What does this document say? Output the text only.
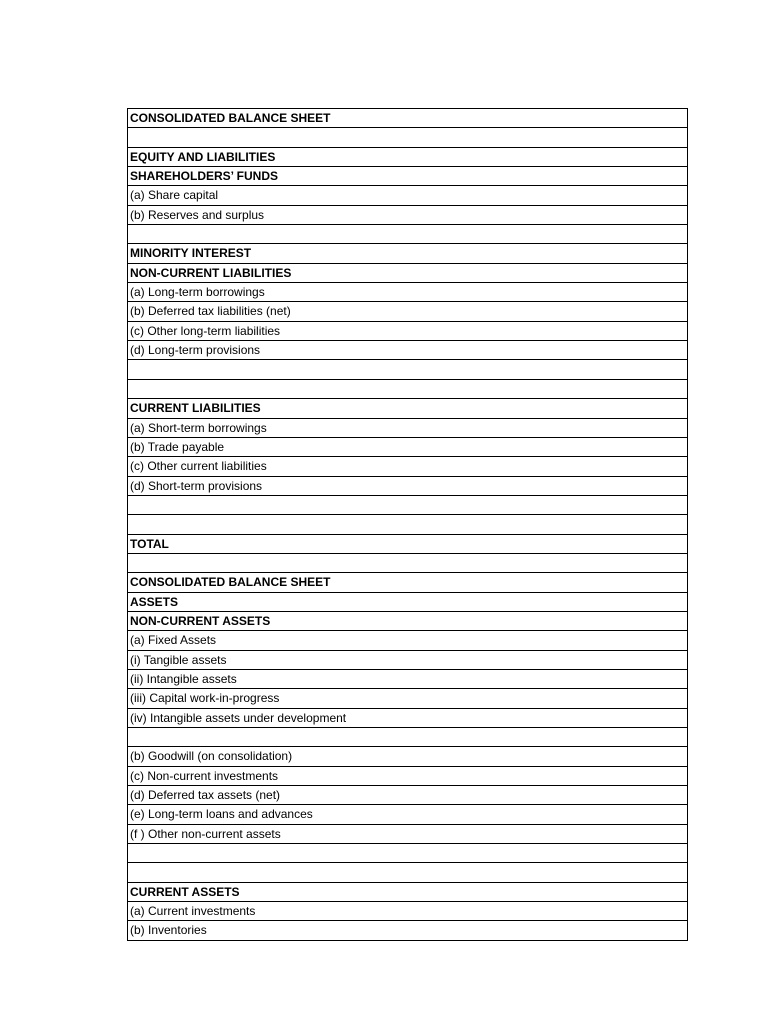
CONSOLIDATED BALANCE SHEET
EQUITY AND LIABILITIES
SHAREHOLDERS’ FUNDS
(a) Share capital
(b) Reserves and surplus
MINORITY INTEREST
NON-CURRENT LIABILITIES
(a) Long-term borrowings
(b) Deferred tax liabilities (net)
(c) Other long-term liabilities
(d) Long-term provisions
CURRENT LIABILITIES
(a) Short-term borrowings
(b) Trade payable
(c) Other current liabilities
(d) Short-term provisions
TOTAL
CONSOLIDATED BALANCE SHEET
ASSETS
NON-CURRENT ASSETS
(a) Fixed Assets
(i) Tangible assets
(ii) Intangible assets
(iii) Capital work-in-progress
(iv) Intangible assets under development
(b) Goodwill (on consolidation)
(c) Non-current investments
(d) Deferred tax assets (net)
(e) Long-term loans and advances
(f ) Other non-current assets
CURRENT ASSETS
(a) Current investments
(b) Inventories
